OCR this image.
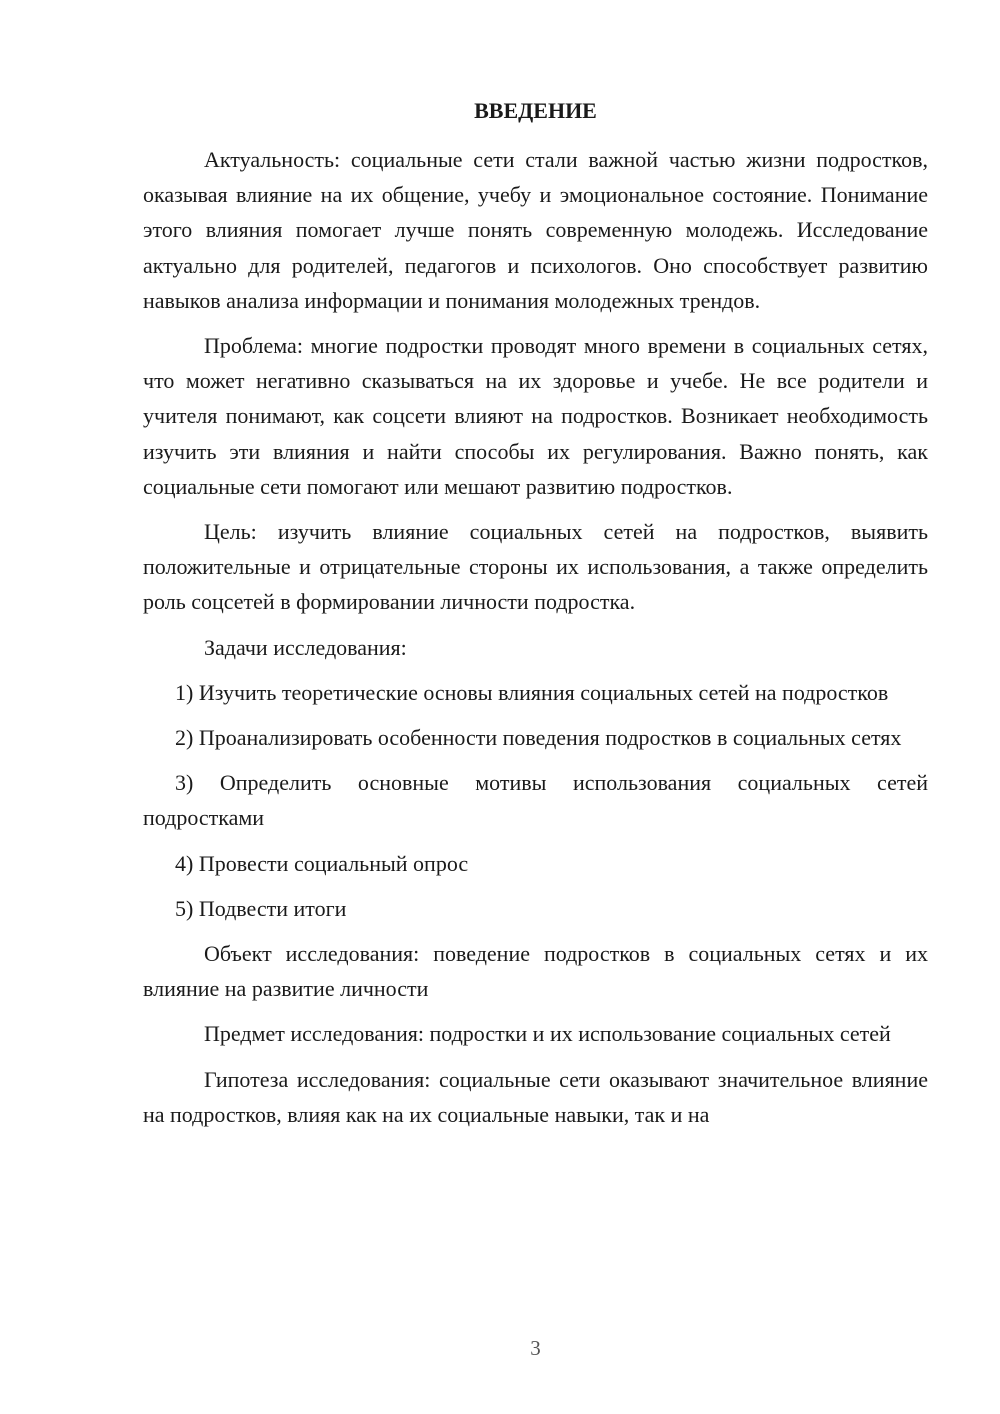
ВВЕДЕНИЕ

Актуальность: социальные сети стали важной частью жизни подростков, оказывая влияние на их общение, учебу и эмоциональное состояние. Понимание этого влияния помогает лучше понять современную молодежь. Исследование актуально для родителей, педагогов и психологов. Оно способствует развитию навыков анализа информации и понимания молодежных трендов.

Проблема: многие подростки проводят много времени в социальных сетях, что может негативно сказываться на их здоровье и учебе. Не все родители и учителя понимают, как соцсети влияют на подростков. Возникает необходимость изучить эти влияния и найти способы их регулирования. Важно понять, как социальные сети помогают или мешают развитию подростков.

Цель: изучить влияние социальных сетей на подростков, выявить положительные и отрицательные стороны их использования, а также определить роль соцсетей в формировании личности подростка.

Задачи исследования:

1) Изучить теоретические основы влияния социальных сетей на подростков

2) Проанализировать особенности поведения подростков в социальных сетях

3) Определить основные мотивы использования социальных сетей подростками

4) Провести социальный опрос

5) Подвести итоги

Объект исследования: поведение подростков в социальных сетях и их влияние на развитие личности

Предмет исследования: подростки и их использование социальных сетей

Гипотеза исследования: социальные сети оказывают значительное влияние на подростков, влияя как на их социальные навыки, так и на

3
